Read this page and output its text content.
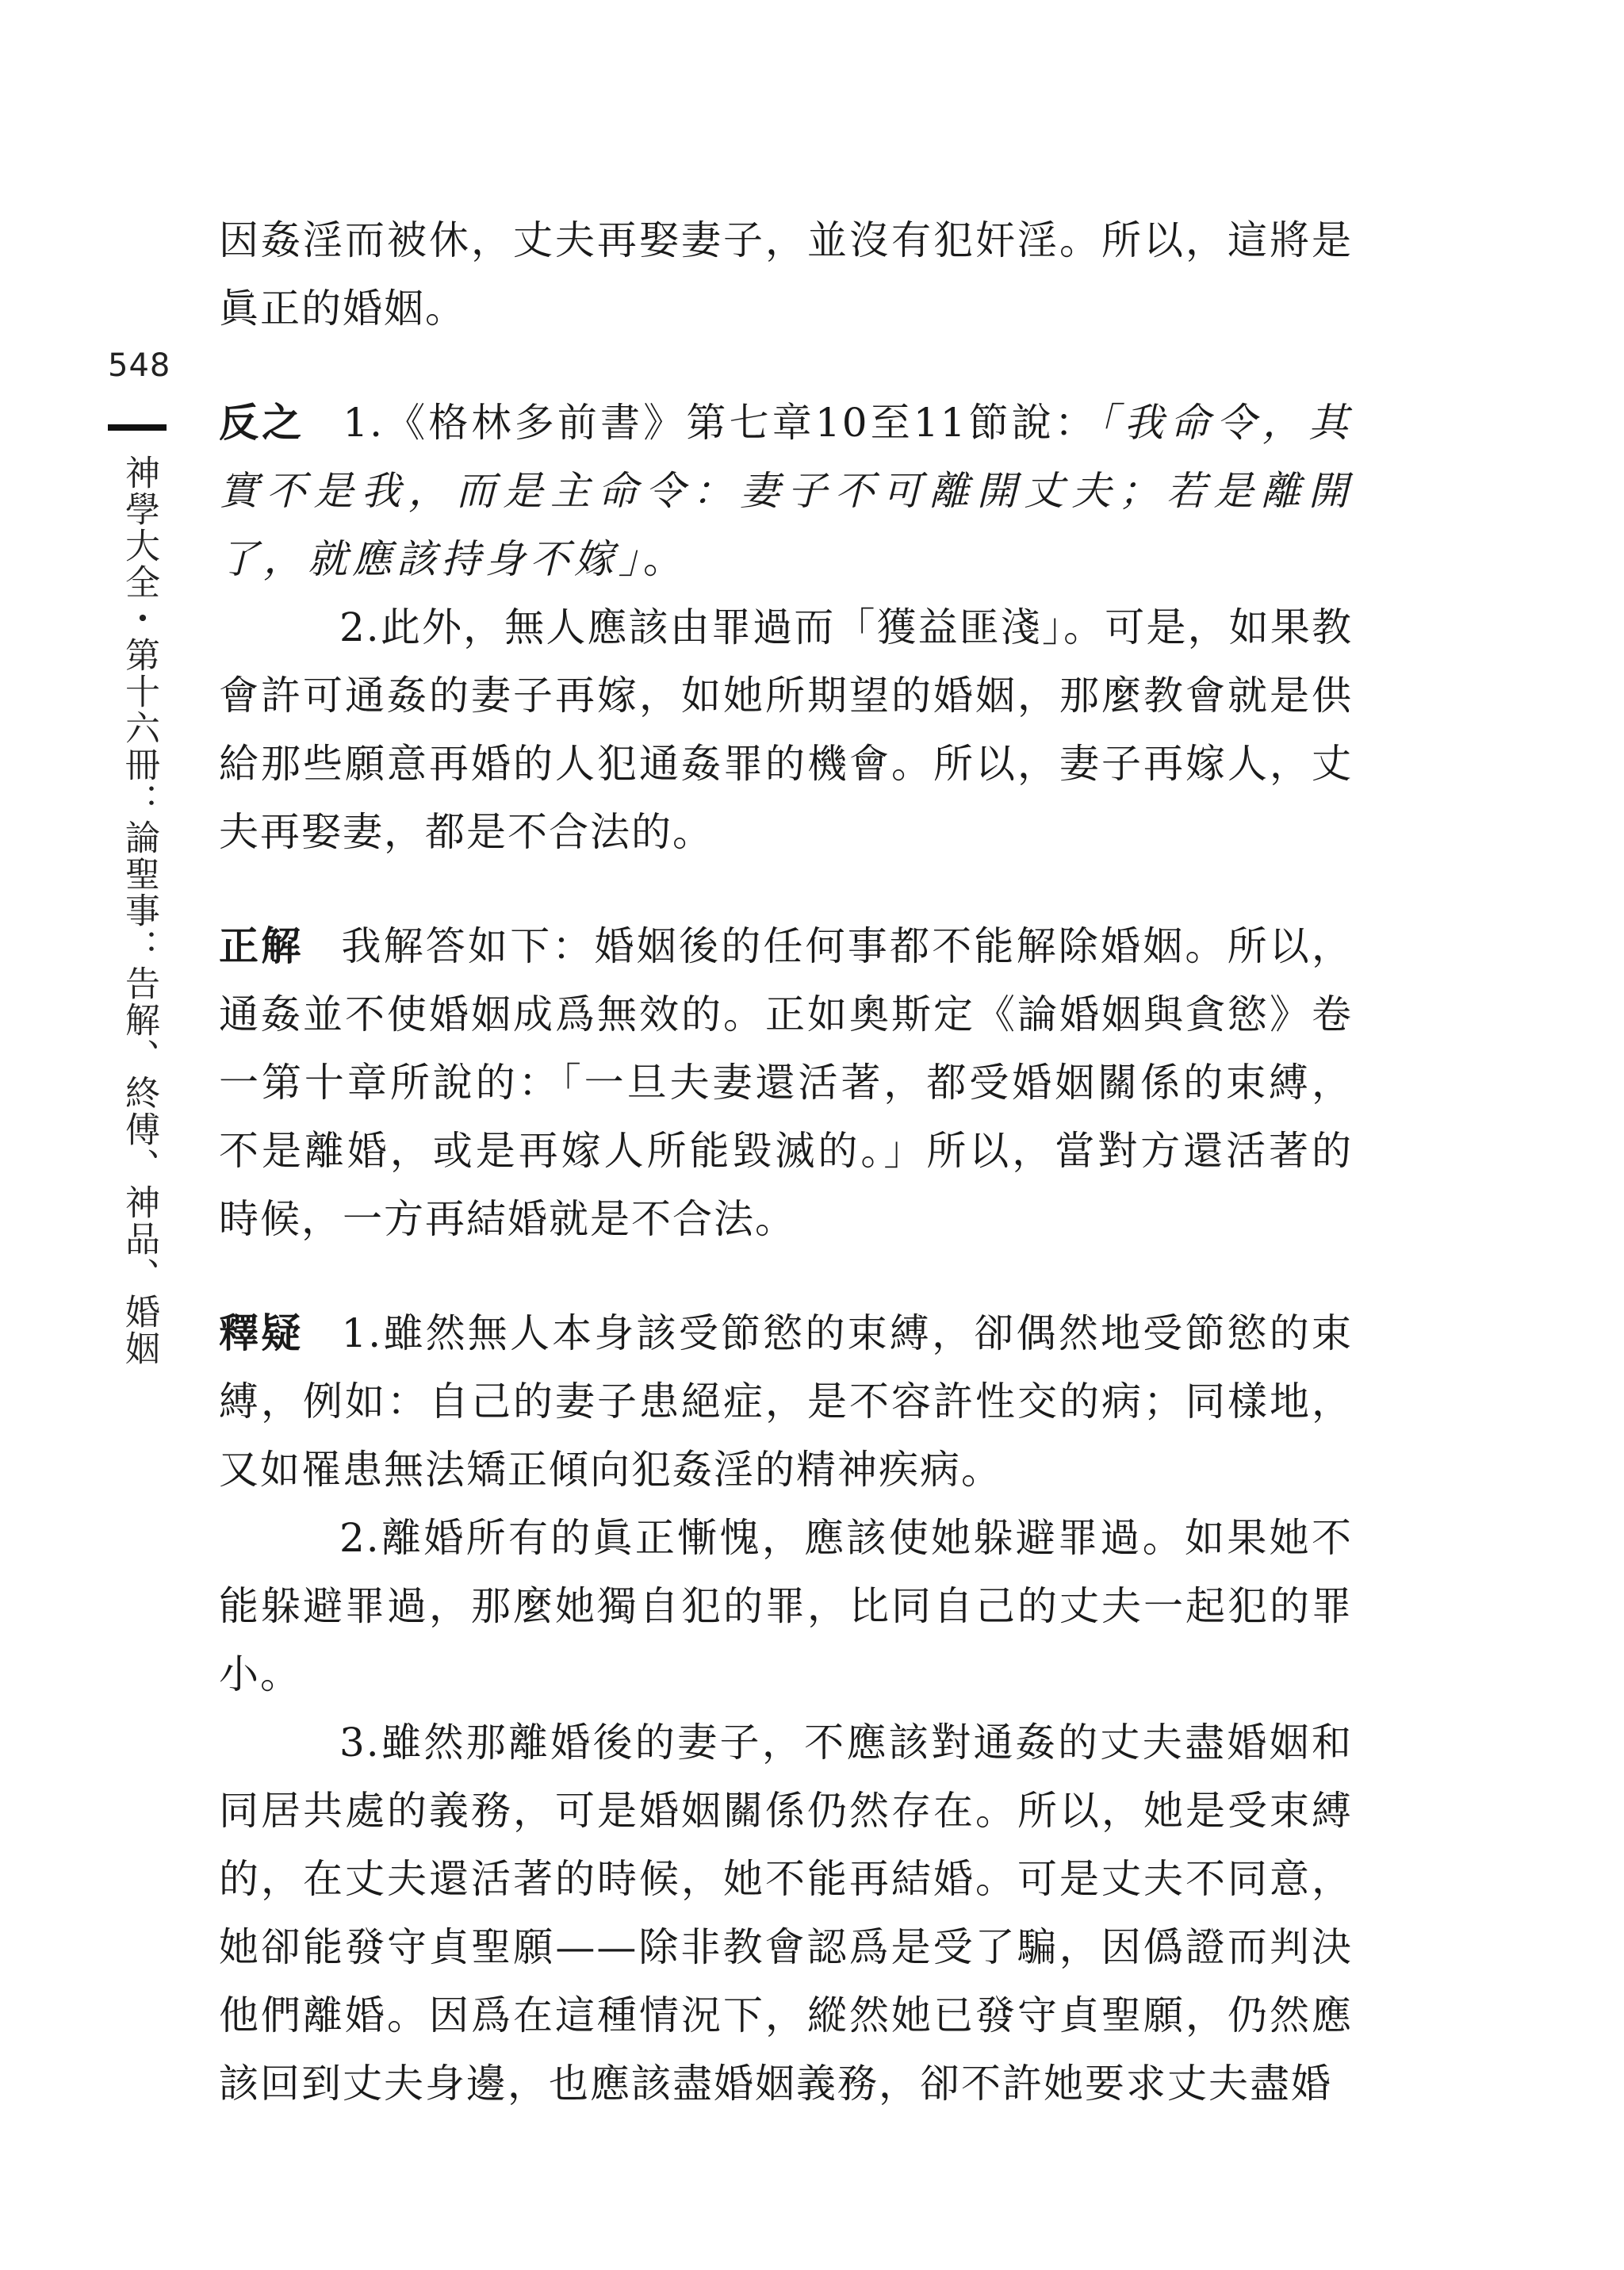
548
神學大全・第十六冊：論聖事：告解、終傅、神品、婚姻

因姦淫而被休，丈夫再娶妻子，並沒有犯奸淫。所以，這將是眞正的婚姻。

反之 1.《格林多前書》第七章10至11節說：「我命令，其實不是我，而是主命令：妻子不可離開丈夫；若是離開了，就應該持身不嫁」。

2.此外，無人應該由罪過而「獲益匪淺」。可是，如果教會許可通姦的妻子再嫁，如她所期望的婚姻，那麼教會就是供給那些願意再婚的人犯通姦罪的機會。所以，妻子再嫁人，丈夫再娶妻，都是不合法的。

正解 我解答如下：婚姻後的任何事都不能解除婚姻。所以，通姦並不使婚姻成爲無效的。正如奧斯定《論婚姻與貪慾》卷一第十章所說的：「一旦夫妻還活著，都受婚姻關係的束縛，不是離婚，或是再嫁人所能毀滅的。」所以，當對方還活著的時候，一方再結婚就是不合法。

釋疑 1.雖然無人本身該受節慾的束縛，卻偶然地受節慾的束縛，例如：自己的妻子患絕症，是不容許性交的病；同樣地，又如罹患無法矯正傾向犯姦淫的精神疾病。

2.離婚所有的眞正慚愧，應該使她躲避罪過。如果她不能躲避罪過，那麼她獨自犯的罪，比同自己的丈夫一起犯的罪小。

3.雖然那離婚後的妻子，不應該對通姦的丈夫盡婚姻和同居共處的義務，可是婚姻關係仍然存在。所以，她是受束縛的，在丈夫還活著的時候，她不能再結婚。可是丈夫不同意，她卻能發守貞聖願——除非教會認爲是受了騙，因僞證而判決他們離婚。因爲在這種情況下，縱然她已發守貞聖願，仍然應該回到丈夫身邊，也應該盡婚姻義務，卻不許她要求丈夫盡婚
